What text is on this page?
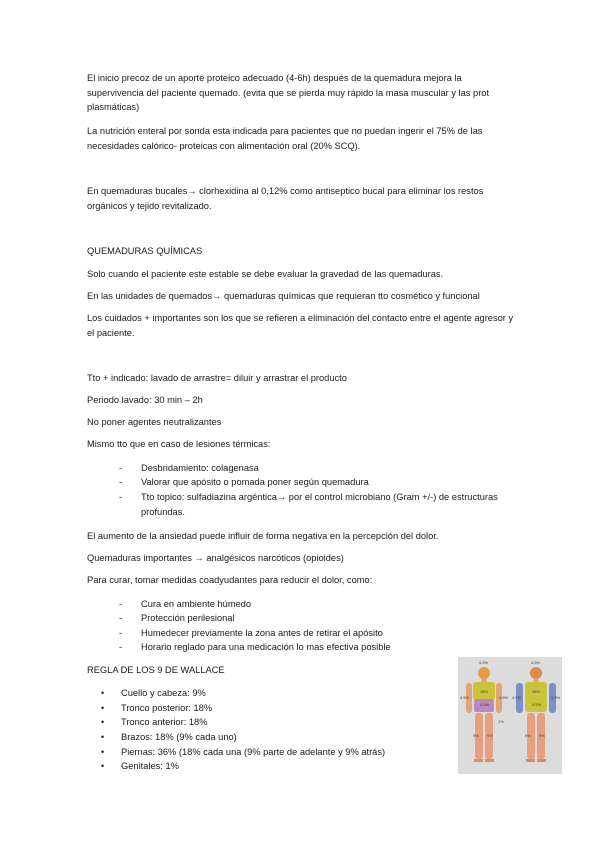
El inicio precoz de un aporte proteico adecuado (4-6h) después de la quemadura mejora la supervivencia del paciente quemado. (evita que se pierda muy rápido la masa muscular y las prot plasmáticas)
La nutrición enteral por sonda esta indicada para pacientes que no puedan ingerir el 75% de las necesidades calórico- proteicas con alimentación oral (20% SCQ).
En quemaduras bucales→ clorhexidina al 0,12% como antiseptico bucal para eliminar los restos orgánicos y tejido revitalizado.
QUEMADURAS QUÍMICAS
Solo cuando el paciente este estable se debe evaluar la gravedad de las quemaduras.
En las unidades de quemados→ quemaduras químicas que requieran tto cosmético y funcional
Los cuidados + importantes son los que se refieren a eliminación del contacto entre el agente agresor y el paciente.
Tto + indicado: lavado de arrastre= diluir y arrastrar el producto
Periodo lavado: 30 min – 2h
No poner agentes neutralizantes
Mismo tto que en caso de lesiones térmicas:
- Desbridamiento: colagenasa
- Valorar que apósito o pomada poner según quemadura
- Tto topico: sulfadiazina argéntica→ por el control microbiano (Gram +/-) de estructuras profundas.
El aumento de la ansiedad puede influir de forma negativa en la percepción del dolor.
Quemaduras importantes → analgésicos narcóticos (opioides)
Para curar, tomar medidas coadyudantes para reducir el dolor, como:
- Cura en ambiente húmedo
- Protección perilesional
- Humedecer previamente la zona antes de retirar el apósito
- Horario reglado para una medicación lo mas efectiva posible
REGLA DE LOS 9 DE WALLACE
• Cuello y cabeza: 9%
• Tronco posterior: 18%
• Tronco anterior: 18%
• Brazos: 18% (9% cada uno)
• Piernas: 36% (18% cada una (9% parte de adelante y 9% atrás)
• Genitales: 1%
4.5%
4.5%	4.5%
18%
4.5%
1%
9% 9%
4.5%
4.5%	4.5%
18%
4.5%
9% 9%
